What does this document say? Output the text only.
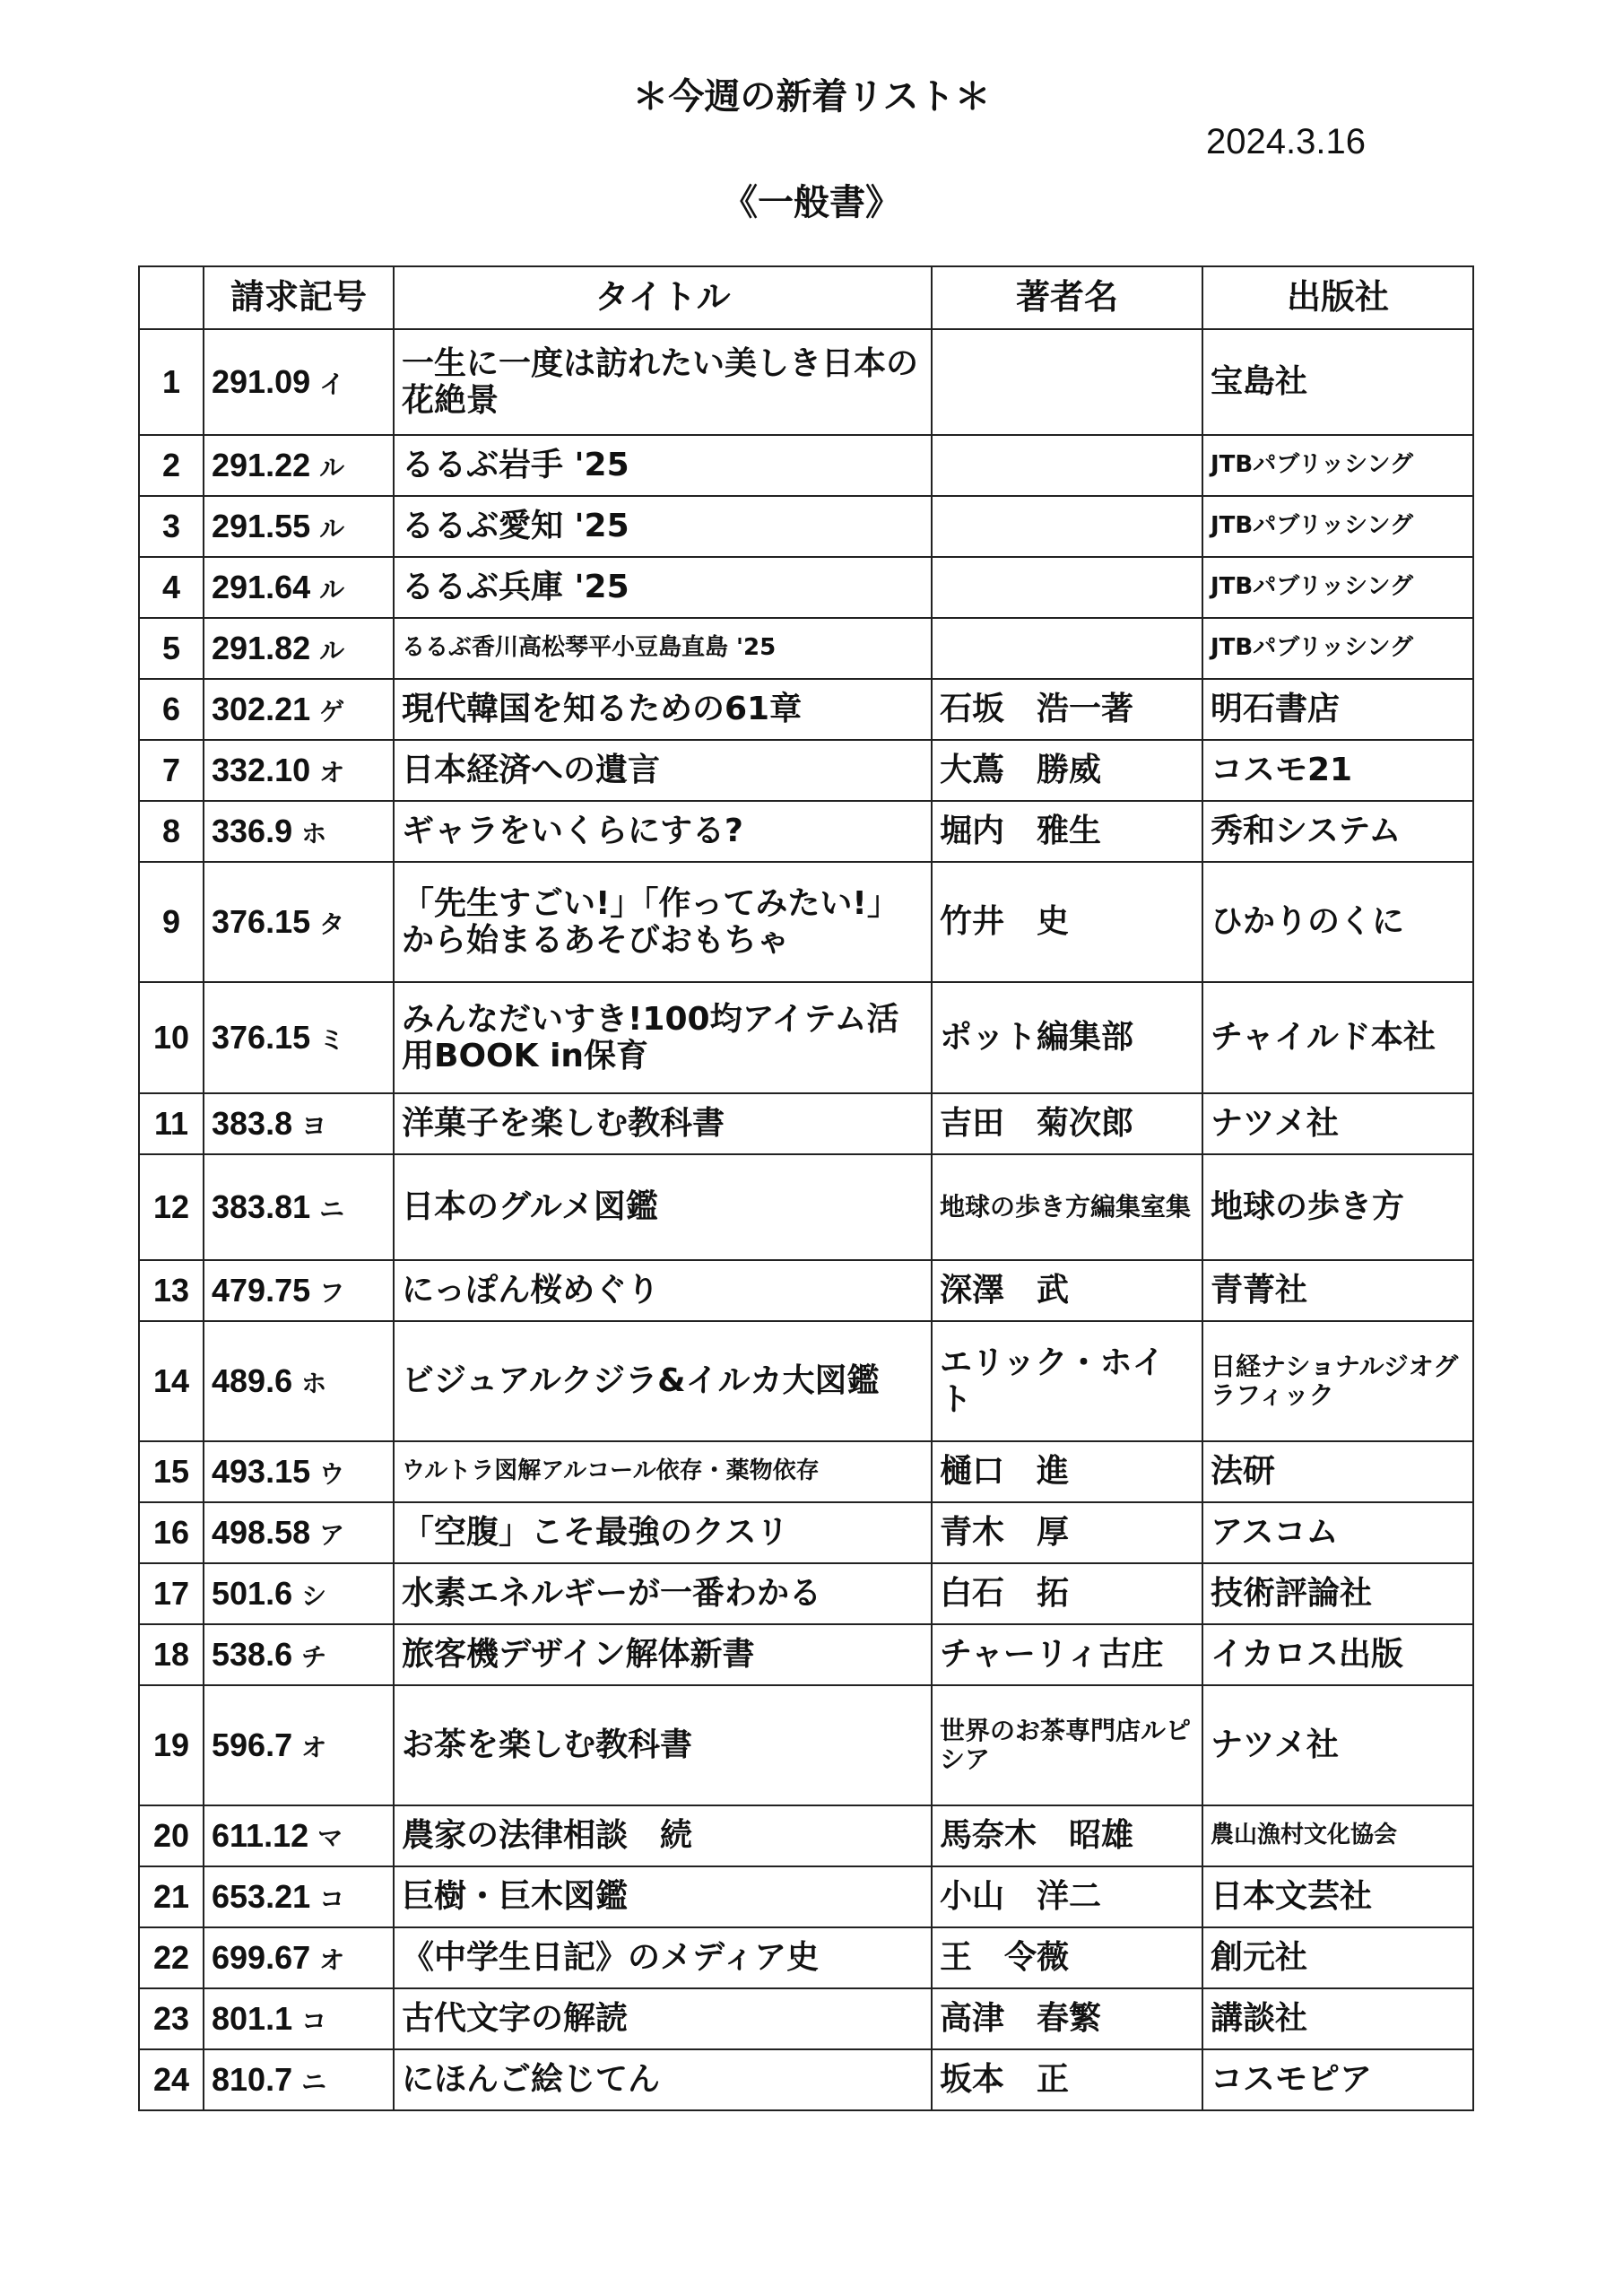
＊今週の新着リスト＊
2024.3.16
《一般書》
	請求記号	タイトル	著者名	出版社
1	291.09 イ	一生に一度は訪れたい美しき日本の花絶景		宝島社
2	291.22 ル	るるぶ岩手 '25		JTBパブリッシング
3	291.55 ル	るるぶ愛知 '25		JTBパブリッシング
4	291.64 ル	るるぶ兵庫 '25		JTBパブリッシング
5	291.82 ル	るるぶ香川高松琴平小豆島直島 '25		JTBパブリッシング
6	302.21 ゲ	現代韓国を知るための61章	石坂　浩一著	明石書店
7	332.10 オ	日本経済への遺言	大蔦　勝威	コスモ21
8	336.9 ホ	ギャラをいくらにする?	堀内　雅生	秀和システム
9	376.15 タ	「先生すごい!」「作ってみたい!」から始まるあそびおもちゃ	竹井　史	ひかりのくに
10	376.15 ミ	みんなだいすき!100均アイテム活用BOOK in保育	ポット編集部	チャイルド本社
11	383.8 ヨ	洋菓子を楽しむ教科書	吉田　菊次郎	ナツメ社
12	383.81 ニ	日本のグルメ図鑑	地球の歩き方編集室集	地球の歩き方
13	479.75 フ	にっぽん桜めぐり	深澤　武	青菁社
14	489.6 ホ	ビジュアルクジラ&イルカ大図鑑	エリック・ホイト	日経ナショナルジオグラフィック
15	493.15 ウ	ウルトラ図解アルコール依存・薬物依存	樋口　進	法研
16	498.58 ア	「空腹」こそ最強のクスリ	青木　厚	アスコム
17	501.6 シ	水素エネルギーが一番わかる	白石　拓	技術評論社
18	538.6 チ	旅客機デザイン解体新書	チャーリィ古庄	イカロス出版
19	596.7 オ	お茶を楽しむ教科書	世界のお茶専門店ルピシア	ナツメ社
20	611.12 マ	農家の法律相談　続	馬奈木　昭雄	農山漁村文化協会
21	653.21 コ	巨樹・巨木図鑑	小山　洋二	日本文芸社
22	699.67 オ	《中学生日記》のメディア史	王　令薇	創元社
23	801.1 コ	古代文字の解読	高津　春繁	講談社
24	810.7 ニ	にほんご絵じてん	坂本　正	コスモピア
